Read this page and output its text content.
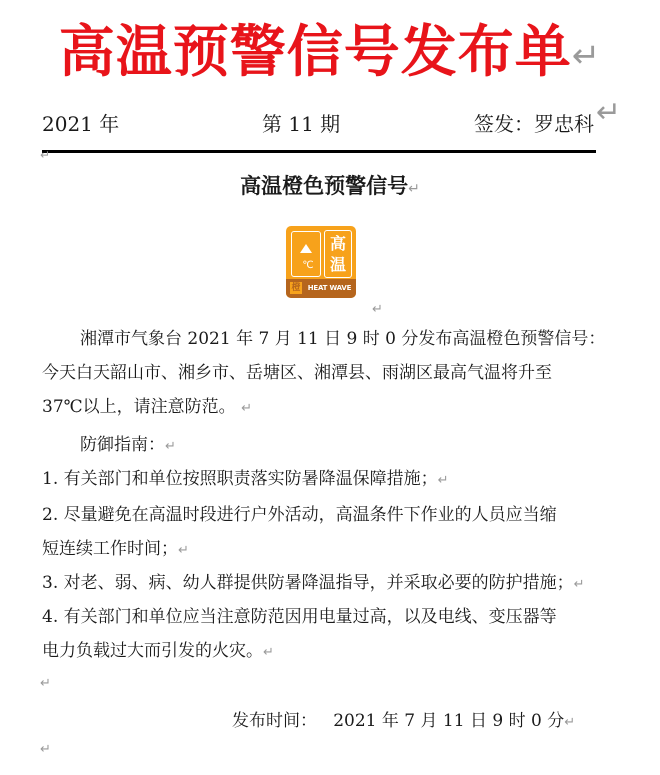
高温预警信号发布单↵
2021 年	第 11 期	签发：罗忠科 ↵
↵
高温橙色预警信号↵
℃
高
温
橙	HEAT WAVE
↵
湘潭市气象台 2021 年 7 月 11 日 9 时 0 分发布高温橙色预警信号：
今天白天韶山市、湘乡市、岳塘区、湘潭县、雨湖区最高气温将升至
37℃以上，请注意防范。 ↵
防御指南：↵
1. 有关部门和单位按照职责落实防暑降温保障措施；↵
2. 尽量避免在高温时段进行户外活动，高温条件下作业的人员应当缩
短连续工作时间；↵
3. 对老、弱、病、幼人群提供防暑降温指导，并采取必要的防护措施；↵
4. 有关部门和单位应当注意防范因用电量过高，以及电线、变压器等
电力负载过大而引发的火灾。↵
↵
发布时间： 2021 年 7 月 11 日 9 时 0 分↵
↵
